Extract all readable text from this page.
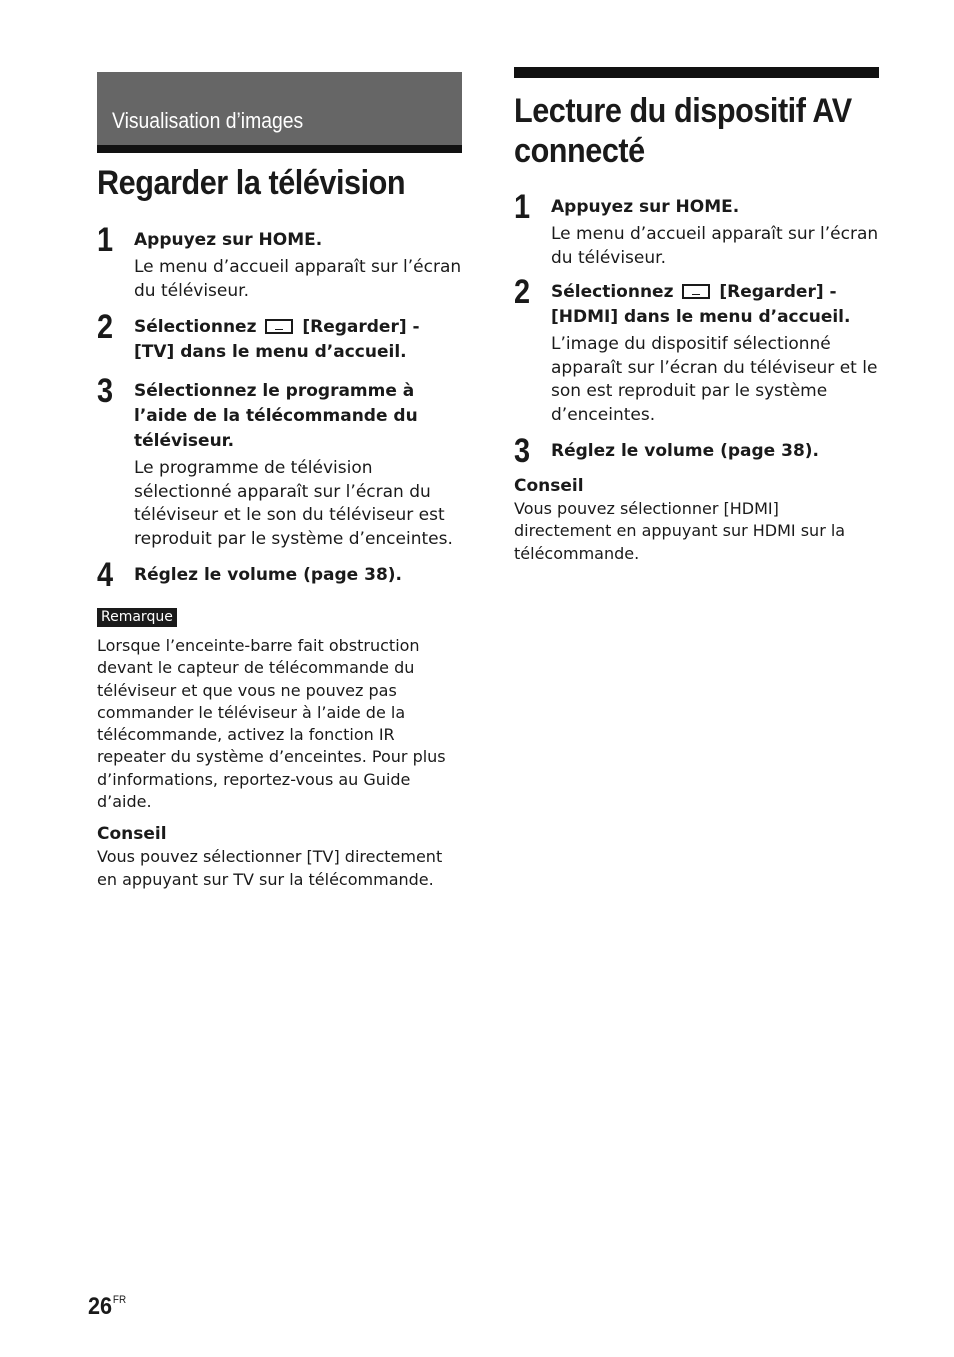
Visualisation d’images
Regarder la télévision
1 Appuyez sur HOME.
Le menu d’accueil apparaît sur l’écran du téléviseur.
2 Sélectionnez	[Regarder] - [TV] dans le menu d’accueil.
3 Sélectionnez le programme à l’aide de la télécommande du téléviseur.
Le programme de télévision sélectionné apparaît sur l’écran du téléviseur et le son du téléviseur est reproduit par le système d’enceintes.
4 Réglez le volume (page 38).
Remarque
Lorsque l’enceinte-barre fait obstruction devant le capteur de télécommande du téléviseur et que vous ne pouvez pas commander le téléviseur à l’aide de la télécommande, activez la fonction IR repeater du système d’enceintes. Pour plus d’informations, reportez-vous au Guide d’aide.
Conseil
Vous pouvez sélectionner [TV] directement en appuyant sur TV sur la télécommande.
Lecture du dispositif AV
connecté
1 Appuyez sur HOME.
Le menu d’accueil apparaît sur l’écran du téléviseur.
2 Sélectionnez	[Regarder] - [HDMI] dans le menu d’accueil.
L’image du dispositif sélectionné apparaît sur l’écran du téléviseur et le son est reproduit par le système d’enceintes.
3 Réglez le volume (page 38).
Conseil
Vous pouvez sélectionner [HDMI] directement en appuyant sur HDMI sur la télécommande.
$26^{FR}$
